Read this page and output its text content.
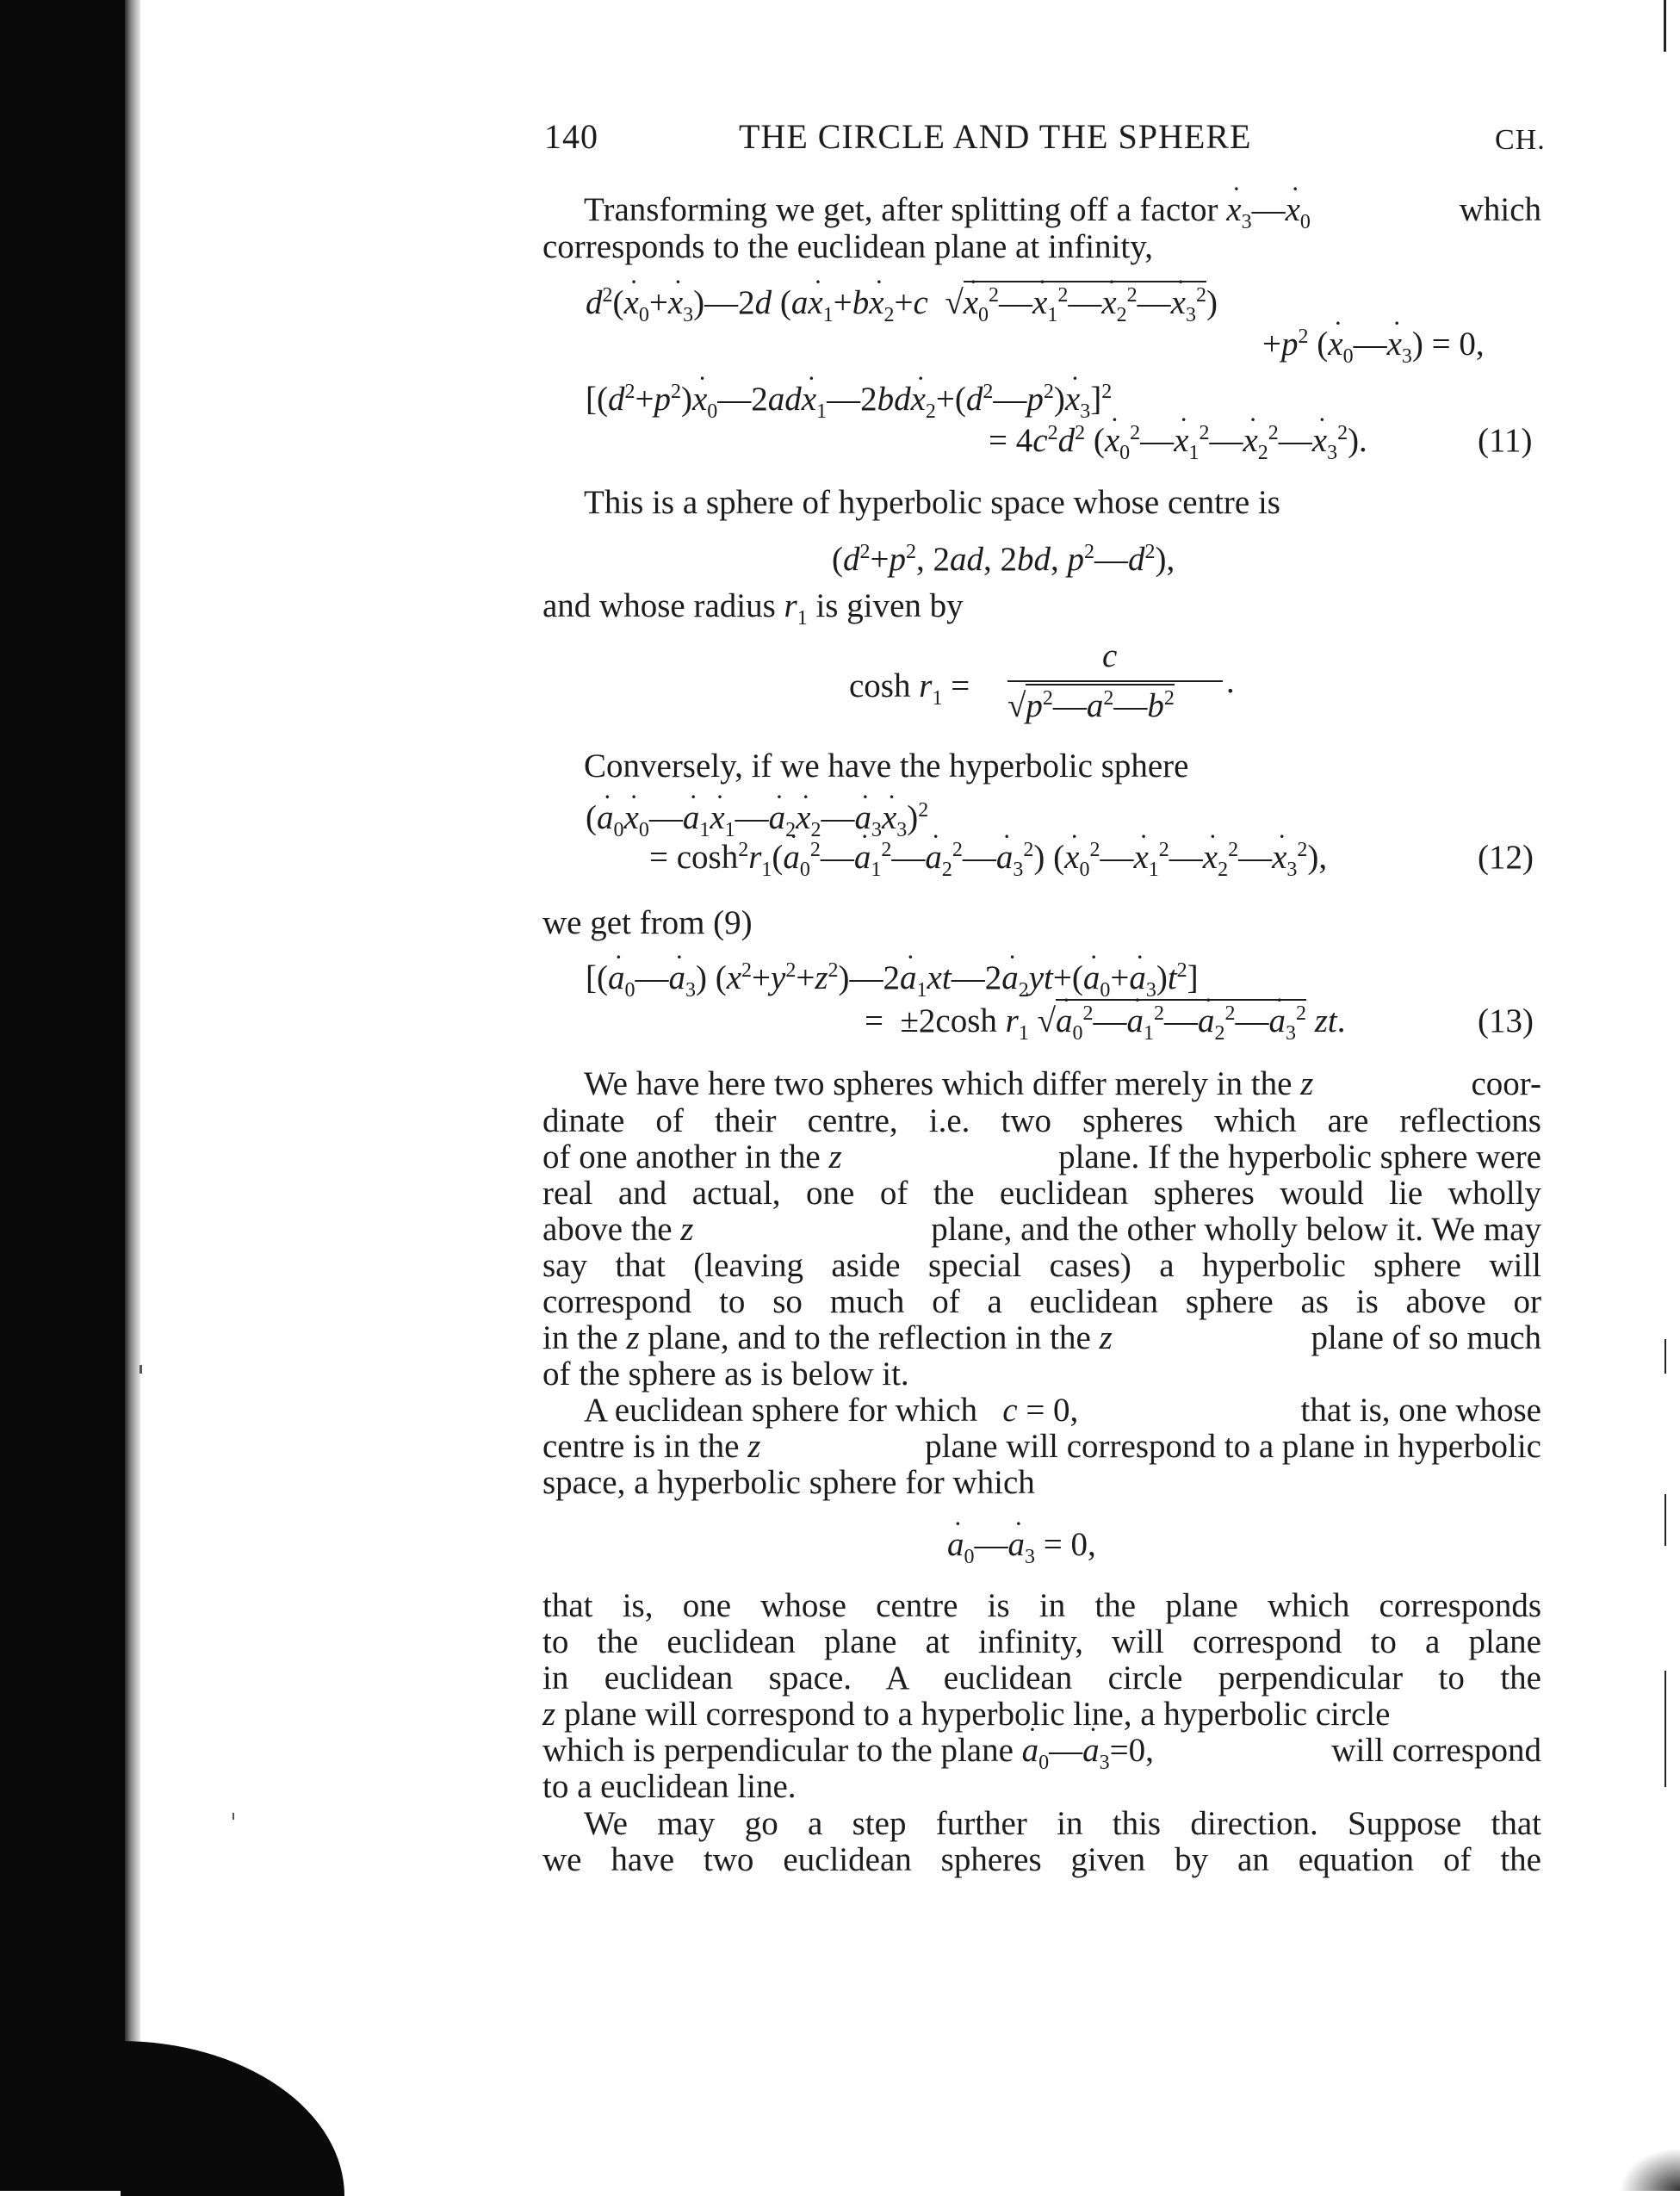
140	THE CIRCLE AND THE SPHERE	CH.
Transforming we get, after splitting off a factor x $˙_3—x$ $˙_0$	which
corresponds to the euclidean plane at infinity,
$d^2(x$ $˙_0+x$ $˙_3)—2d$ (ax $˙_1+bx$ $˙_2+c$  √x $˙_0^2—x$ $˙_1^2—x$ $˙_2^2—x$ $˙_3^2$)
$+p^2$ (x $˙_0—x$ $˙_3) = 0$,
[$(d^2+p^2)x$ $˙_0—2adx$ $˙_1—2bdx$ $˙_2+(d^2—p^2)x$ $˙_3]^2$
= $4c^2d^2$ (x $˙_0^2—x$ $˙_1^2—x$ $˙_2^2—x$ $˙_3^2$).	(11)
This is a sphere of hyperbolic space whose centre is
($d^2+p^2$, 2ad, 2bd, $p^2—d^2$),
and whose radius $r_1$ is given by
$\cosh r_1$ =
c
$√p^2—a^2—b^2$ .
Conversely, if we have the hyperbolic sphere
(a $˙_0x$ $˙_0—a$ $˙_1x$ $˙_1—a$ $˙_2x$ $˙_2—a$ $˙_3x$ $˙_3)^2$
= $\cosh^2r_1(a$ $˙_0^2—a$ $˙_1^2—a$ $˙_2^2—a$ $˙_3^2$) (x $˙_0^2—x$ $˙_1^2—x$ $˙_2^2—x$ $˙_3^2$),	(12)
we get from (9)
[(a $˙_0—a$ $˙_3$) $(x^2+y^2+z^2)—2a$ $˙_1xt—2a$ $˙_2yt+(a$ $˙_0+a$ $˙_3)t^2$]
=  ±2cosh $r_1$ √a $˙_0^2—a$ $˙_1^2—a$ $˙_2^2—a$ $˙_3^2$ zt.	(13)
We have here two spheres which differ merely in the z	coor-
dinate of their centre, i.e. two spheres which are reflections
of one another in the z	plane. If the hyperbolic sphere were
real and actual, one of the euclidean spheres would lie wholly
above the z	plane, and the other wholly below it. We may
say that (leaving aside special cases) a hyperbolic sphere will
correspond to so much of a euclidean sphere as is above or
in the z plane, and to the reflection in the z	plane of so much
of the sphere as is below it.
A euclidean sphere for which c = 0,	that is, one whose
centre is in the z	plane will correspond to a plane in hyperbolic
space, a hyperbolic sphere for which
a $˙_0—a$ $˙_3 = 0$,
that is, one whose centre is in the plane which corresponds
to the euclidean plane at infinity, will correspond to a plane
in euclidean space. A euclidean circle perpendicular to the
z plane will correspond to a hyperbolic line, a hyperbolic circle
which is perpendicular to the plane a $˙_0—a$ $˙_3=0$,	will correspond
to a euclidean line.
We may go a step further in this direction. Suppose that
we have two euclidean spheres given by an equation of the
